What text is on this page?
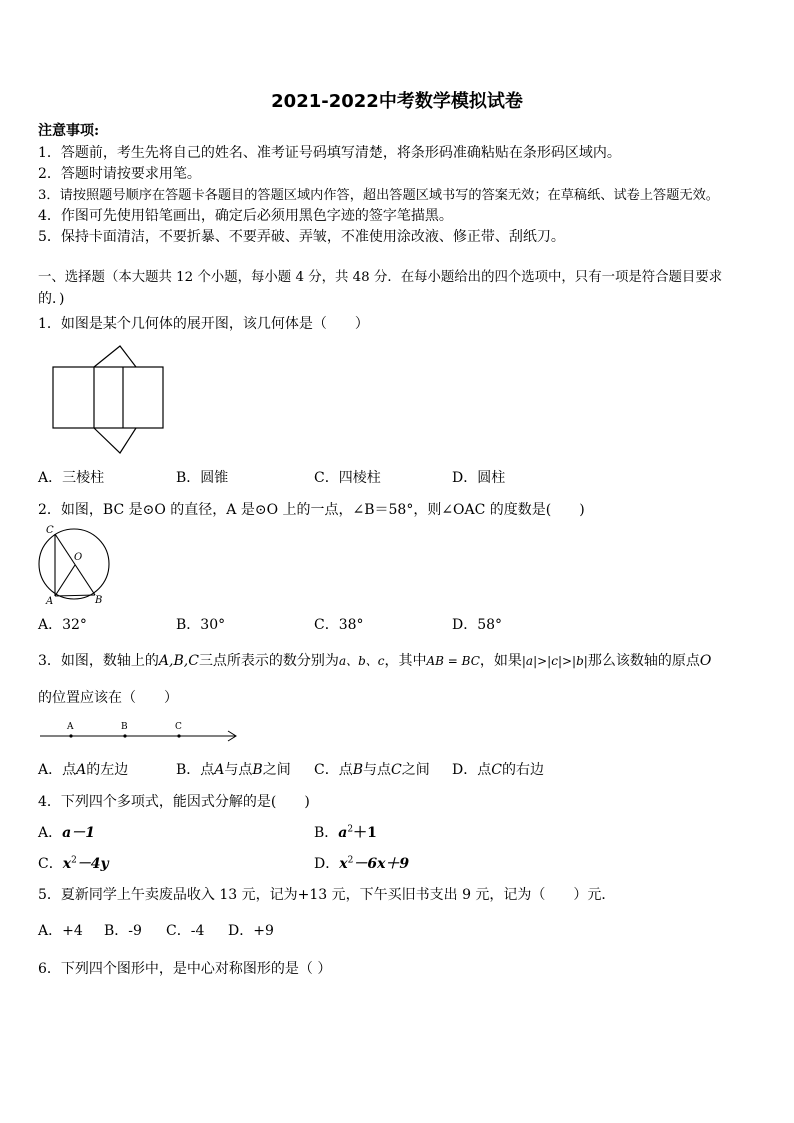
2021-2022中考数学模拟试卷
注意事项:
1．答题前，考生先将自己的姓名、准考证号码填写清楚，将条形码准确粘贴在条形码区域内。
2．答题时请按要求用笔。
3．请按照题号顺序在答题卡各题目的答题区域内作答，超出答题区域书写的答案无效；在草稿纸、试卷上答题无效。
4．作图可先使用铅笔画出，确定后必须用黑色字迹的签字笔描黑。
5．保持卡面清洁，不要折暴、不要弄破、弄皱，不准使用涂改液、修正带、刮纸刀。
一、选择题（本大题共 12 个小题，每小题 4 分，共 48 分．在每小题给出的四个选项中，只有一项是符合题目要求
的．)
1．如图是某个几何体的展开图，该几何体是（　　）
A．三棱柱	B．圆锥	C．四棱柱	D．圆柱
2．如图，BC 是⊙O 的直径，A 是⊙O 上的一点，∠B＝58°，则∠OAC 的度数是(　　)
C
O
A	B
A．32°	B．30°	C．38°	D．58°
3．如图，数轴上的A,B,C三点所表示的数分别为a、b、c，其中AB = BC，如果|a|>|c|>|b|那么该数轴的原点O
的位置应该在（　　）
A	B	C
A．点A的左边	B．点A与点B之间 C．点B与点C之间 D．点C的右边
4．下列四个多项式，能因式分解的是(　　)
A．a－1	B．$a^2+1$
C．$x^2-4y$	D．$x^2-6x+9$
5．夏新同学上午卖废品收入 13 元，记为+13 元，下午买旧书支出 9 元，记为（　　）元．
A．+4 B．-9 C．-4 D．+9
6．下列四个图形中，是中心对称图形的是（ ）
